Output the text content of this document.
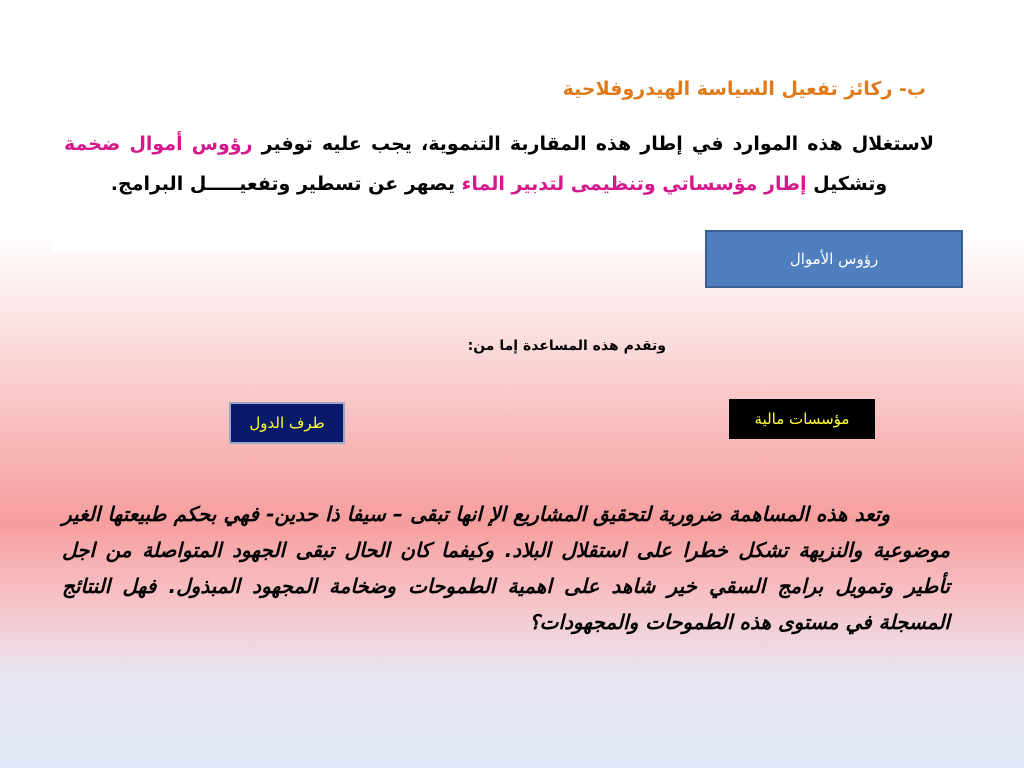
ب- ركائز تفعيل السياسة الهيدروفلاحية
لاستغلال هذه الموارد في إطار هذه المقاربة التنموية، يجب عليه توفير رؤوس أموال ضخمة وتشكيل إطار مؤسساتي وتنظيمى لتدبير الماء يصهر عن تسطير وتفعيـــــل البرامج.
رؤوس الأموال
وتقدم هذه المساعدة إما من:
مؤسسات مالية
طرف الدول
وتعد هذه المساهمة ضرورية لتحقيق المشاريع الإ انها تبقى – سيفا ذا حدين- فهي بحكم طبيعتها الغير موضوعية والنزيهة تشكل خطرا على استقلال البلاد. وكيفما كان الحال تبقى الجهود المتواصلة من اجل تأطير وتمويل برامج السقي خير شاهد على اهمية الطموحات وضخامة المجهود المبذول. فهل النتائج المسجلة في مستوى هذه الطموحات والمجهودات؟
